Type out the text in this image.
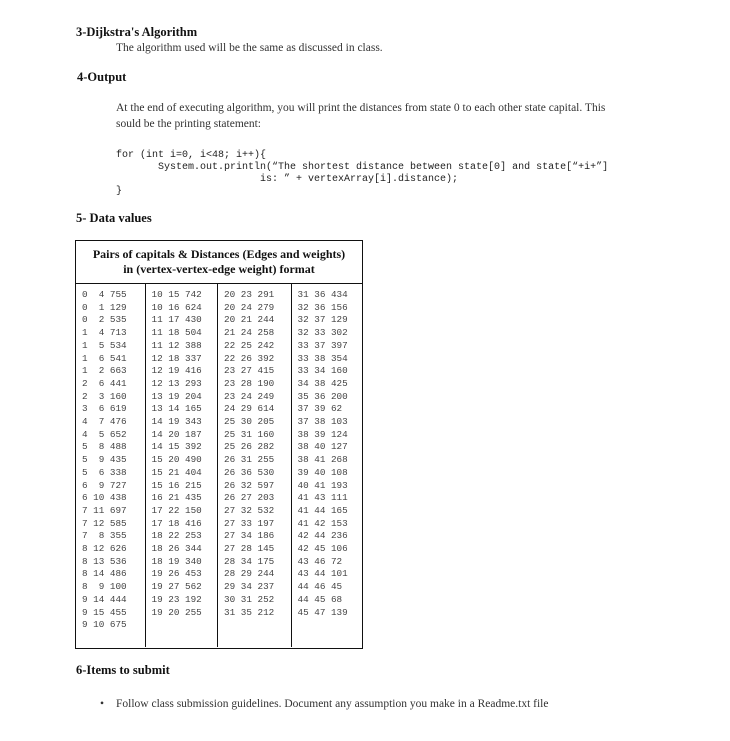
3-Dijkstra's Algorithm
The algorithm used will be the same as discussed in class.
4-Output
At the end of executing algorithm, you will print the distances from state 0 to each other state capital. This
sould be the printing statement:
for (int i=0, i<48; i++){
System.out.println(“The shortest distance between state[0] and state[“+i+”]
is: ” + vertexArray[i].distance);
}
5- Data values
Pairs of capitals & Distances (Edges and weights)
in (vertex-vertex-edge weight) format
0  4 755
0  1 129
0  2 535
1  4 713
1  5 534
1  6 541
1  2 663
2  6 441
2  3 160
3  6 619
4  7 476
4  5 652
5  8 488
5  9 435
5  6 338
6  9 727
6 10 438
7 11 697
7 12 585
7  8 355
8 12 626
8 13 536
8 14 486
8  9 100
9 14 444
9 15 455
9 10 675
10 15 742
10 16 624
11 17 430
11 18 504
11 12 388
12 18 337
12 19 416
12 13 293
13 19 204
13 14 165
14 19 343
14 20 187
14 15 392
15 20 490
15 21 404
15 16 215
16 21 435
17 22 150
17 18 416
18 22 253
18 26 344
18 19 340
19 26 453
19 27 562
19 23 192
19 20 255
20 23 291
20 24 279
20 21 244
21 24 258
22 25 242
22 26 392
23 27 415
23 28 190
23 24 249
24 29 614
25 30 205
25 31 160
25 26 282
26 31 255
26 36 530
26 32 597
26 27 203
27 32 532
27 33 197
27 34 186
27 28 145
28 34 175
28 29 244
29 34 237
30 31 252
31 35 212
31 36 434
32 36 156
32 37 129
32 33 302
33 37 397
33 38 354
33 34 160
34 38 425
35 36 200
37 39 62
37 38 103
38 39 124
38 40 127
38 41 268
39 40 108
40 41 193
41 43 111
41 44 165
41 42 153
42 44 236
42 45 106
43 46 72
43 44 101
44 46 45
44 45 68
45 47 139
6-Items to submit
• Follow class submission guidelines. Document any assumption you make in a Readme.txt file
